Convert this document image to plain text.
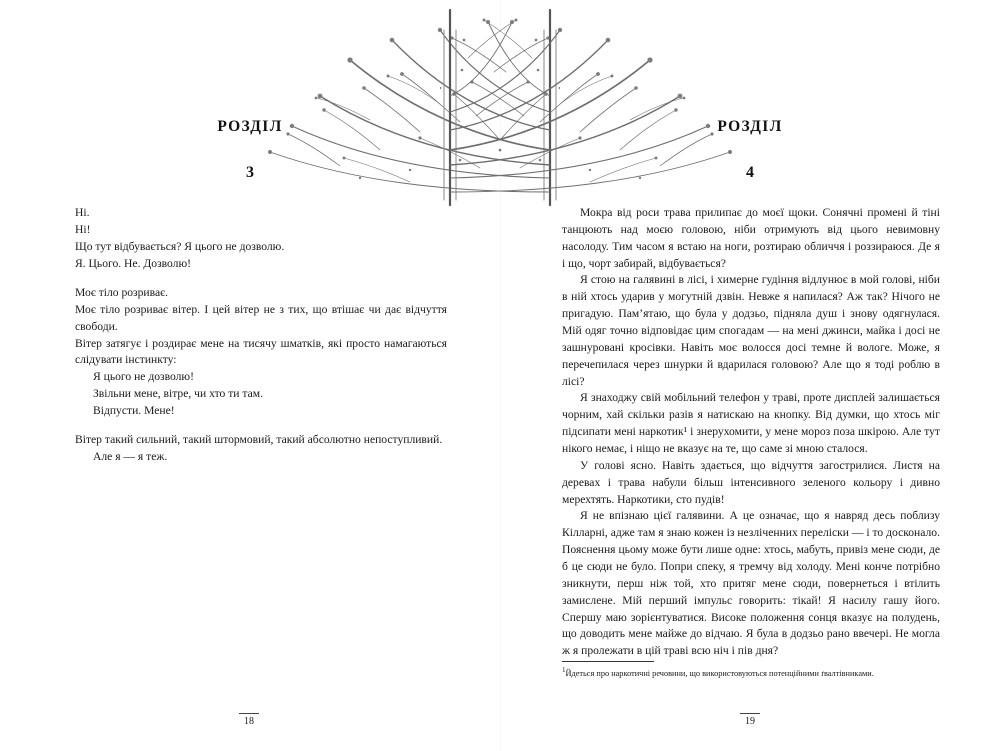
РОЗДІЛ
3

Ні.

Ні!

Що тут відбувається? Я цього не дозволю.

Я. Цього. Не. Дозволю!

Моє тіло розриває.

Моє тіло розриває вітер. І цей вітер не з тих, що втішає чи дає відчуття свободи.

Вітер затягує і роздирає мене на тисячу шматків, які просто намагаються слідувати інстинкту:

Я цього не дозволю!

Звільни мене, вітре, чи хто ти там.

Відпусти. Мене!

Вітер такий сильний, такий штормовий, такий абсолютно непоступливий.

Але я — я теж.

18
РОЗДІЛ
4

Мокра від роси трава прилипає до моєї щоки. Сонячні промені й тіні танцюють над моєю головою, ніби отримують від цього невимовну насолоду. Тим часом я встаю на ноги, розтираю обличчя і роззираюся. Де я і що, чорт забирай, відбувається?

Я стою на галявині в лісі, і химерне гудіння відлунює в мой голові, ніби в ній хтось ударив у могутній дзвін. Невже я напилася? Аж так? Нічого не пригадую. Пам’ятаю, що була у додзьо, підняла душ і знову одягнулася. Мій одяг точно відповідає цим спогадам — на мені джинси, майка і досі не зашнуровані кросівки. Навіть моє волосся досі темне й вологе. Може, я перечепилася через шнурки й вдарилася головою? Але що я тоді роблю в лісі?

Я знаходжу свій мобільний телефон у траві, проте дисплей залишається чорним, хай скільки разів я натискаю на кнопку. Від думки, що хтось міг підсипати мені наркотик¹ і знерухомити, у мене мороз поза шкірою. Але тут нікого немає, і ніщо не вказує на те, що саме зі мною сталося.

У голові ясно. Навіть здається, що відчуття загострилися. Листя на деревах і трава набули більш інтенсивного зеленого кольору і дивно мерехтять. Наркотики, сто пудів!

Я не впізнаю цієї галявини. А це означає, що я навряд десь поблизу Кілларні, адже там я знаю кожен із незліченних переліски — і то досконало. Пояснення цьому може бути лише одне: хтось, мабуть, привіз мене сюди, де б це сюди не було. Попри спеку, я тремчу від холоду. Мені конче потрібно зникнути, перш ніж той, хто притяг мене сюди, повернеться і втілить замислене. Мій перший імпульс говорить: тікай! Я насилу гашу його. Спершу маю зорієнтуватися. Високе положення сонця вказує на полудень, що доводить мене майже до відчаю. Я була в додзьо рано ввечері. Не могла ж я пролежати в цій траві всю ніч і пів дня?

$^1$Йдеться про наркотичні речовини, що використовуються потенційними ґвалтівниками.
19
